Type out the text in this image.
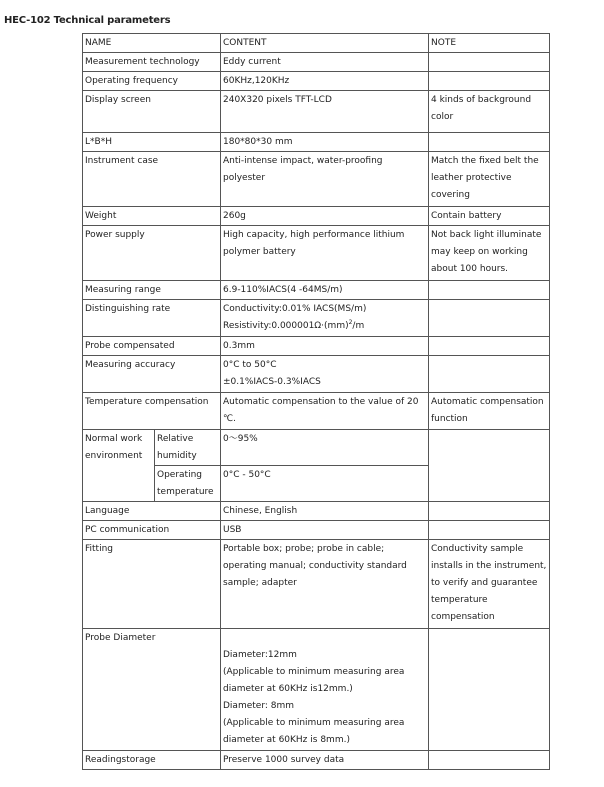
HEC-102 Technical parameters
NAME		CONTENT	NOTE
Measurement technology		Eddy current	
Operating frequency		60KHz,120KHz	
Display screen		240X320 pixels TFT-LCD	4 kinds of background color
L*B*H		180*80*30 mm	
Instrument case		Anti-intense impact, water-proofing polyester	Match the fixed belt the leather protective covering
Weight		260g	Contain battery
Power supply		High capacity, high performance lithium polymer battery	Not back light illuminate may keep on working about 100 hours.
Measuring range		6.9-110%IACS(4 -64MS/m)	
Distinguishing rate		Conductivity:0.01% IACS(MS/m)
Resistivity:0.000001Ω·(mm)$^2$/m	

Probe compensated		0.3mm	
Measuring accuracy		0°C to 50°C
±0.1%IACS-0.3%IACS	

Temperature compensation		Automatic compensation to the value of 20 ℃.	Automatic compensation function
Normal work environment	Relative humidity	0～95%	
	Operating temperature	0°C - 50°C	
Language		Chinese, English	
PC communication		USB	
Fitting		Portable box; probe; probe in cable; operating manual; conductivity standard sample; adapter	Conductivity sample installs in the instrument, to verify and guarantee temperature compensation
Probe Diameter		Diameter:12mm
(Applicable to minimum measuring area diameter at 60KHz is12mm.)
Diameter: 8mm
(Applicable to minimum measuring area diameter at 60KHz is 8mm.)	

Readingstorage		Preserve 1000 survey data	
